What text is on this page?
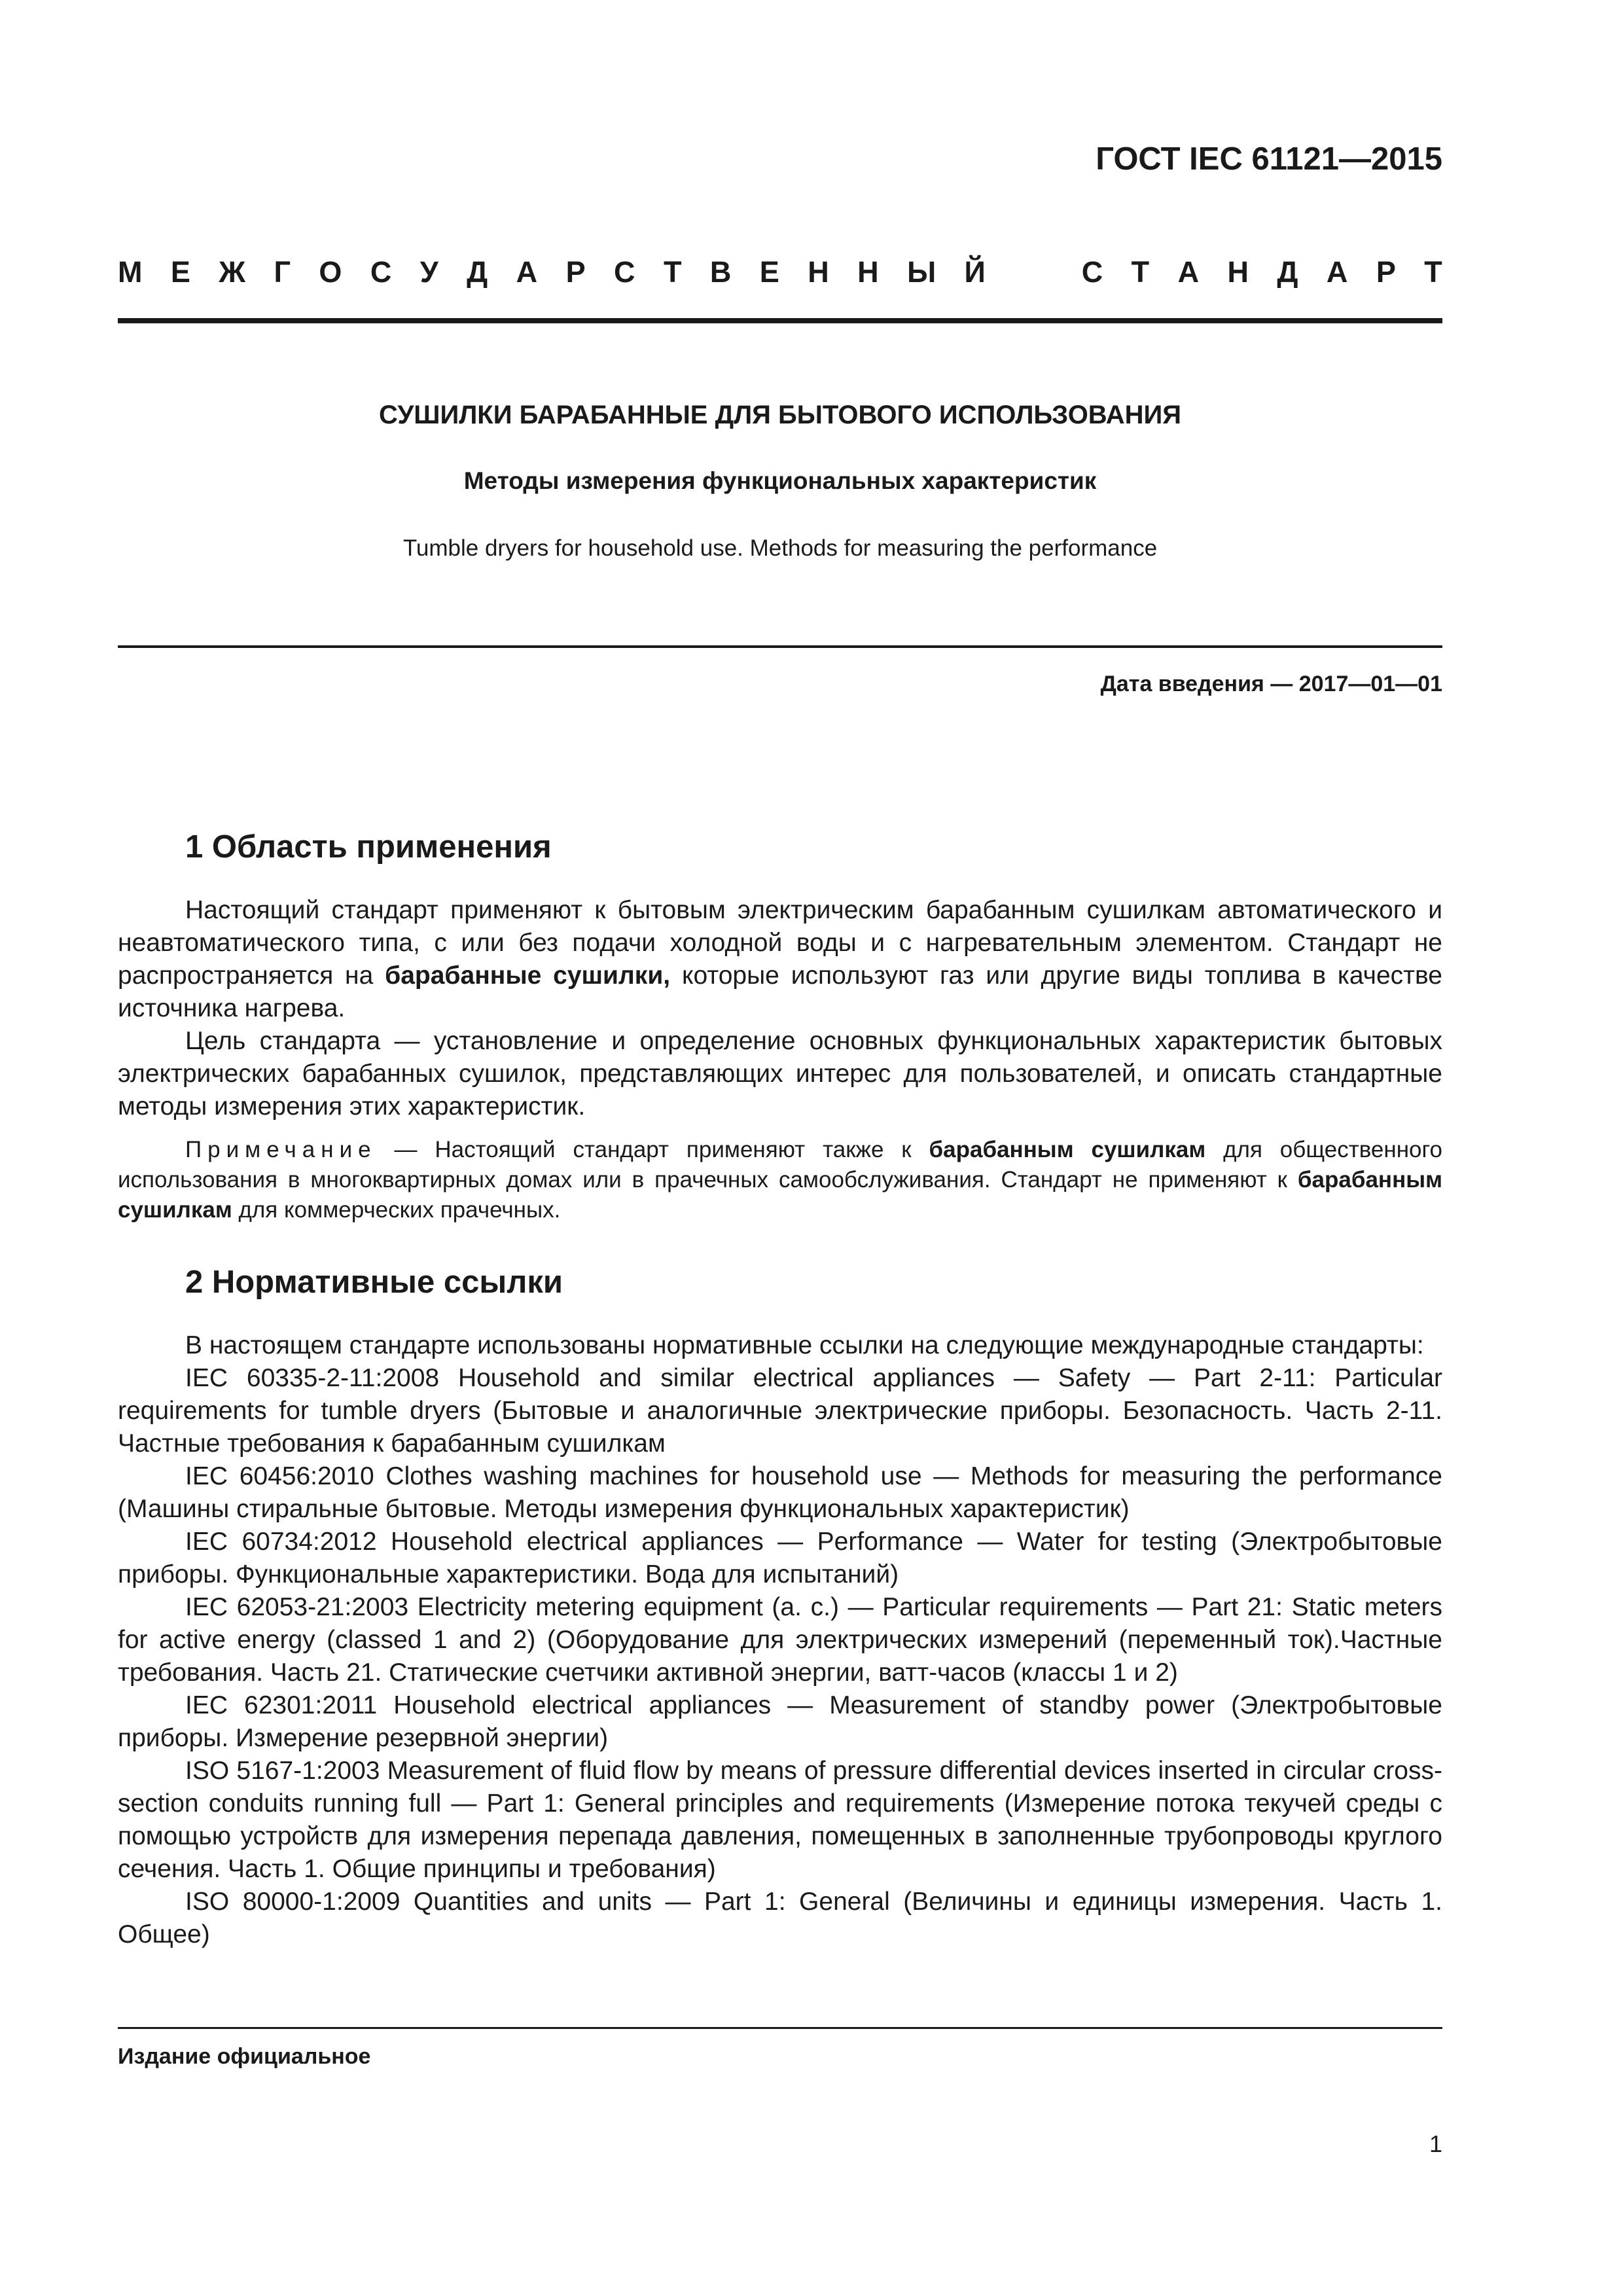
ГОСТ IEC 61121—2015
М Е Ж Г О С У Д А Р С Т В Е Н Н Ы Й	С Т А Н Д А Р Т
СУШИЛКИ БАРАБАННЫЕ ДЛЯ БЫТОВОГО ИСПОЛЬЗОВАНИЯ
Методы измерения функциональных характеристик
Tumble dryers for household use. Methods for measuring the performance
Дата введения — 2017—01—01
1 Область применения

Настоящий стандарт применяют к бытовым электрическим барабанным сушилкам автоматического и неавтоматического типа, с или без подачи холодной воды и с нагревательным элементом. Стандарт не распространяется на барабанные сушилки, которые используют газ или другие виды топлива в качестве источника нагрева.

Цель стандарта — установление и определение основных функциональных характеристик бытовых электрических барабанных сушилок, представляющих интерес для пользователей, и описать стандартные методы измерения этих характеристик.

Примечание — Настоящий стандарт применяют также к барабанным сушилкам для общественного использования в многоквартирных домах или в прачечных самообслуживания. Стандарт не применяют к барабанным сушилкам для коммерческих прачечных.

2 Нормативные ссылки

В настоящем стандарте использованы нормативные ссылки на следующие международные стандарты:

IEC 60335-2-11:2008 Household and similar electrical appliances — Safety — Part 2-11: Particular requirements for tumble dryers (Бытовые и аналогичные электрические приборы. Безопасность. Часть 2-11. Частные требования к барабанным сушилкам

IEC 60456:2010 Clothes washing machines for household use — Methods for measuring the performance (Машины стиральные бытовые. Методы измерения функциональных характеристик)

IEC 60734:2012 Household electrical appliances — Performance — Water for testing (Электробытовые приборы. Функциональные характеристики. Вода для испытаний)

IEC 62053-21:2003 Electricity metering equipment (a. c.) — Particular requirements — Part 21: Static meters for active energy (classed 1 and 2) (Оборудование для электрических измерений (переменный ток).Частные требования. Часть 21. Статические счетчики активной энергии, ватт-часов (классы 1 и 2)

IEC 62301:2011 Household electrical appliances — Measurement of standby power (Электробытовые приборы. Измерение резервной энергии)

ISO 5167-1:2003 Measurement of fluid flow by means of pressure differential devices inserted in circular cross-section conduits running full — Part 1: General principles and requirements (Измерение потока текучей среды с помощью устройств для измерения перепада давления, помещенных в заполненные трубопроводы круглого сечения. Часть 1. Общие принципы и требования)

ISO 80000-1:2009 Quantities and units — Part 1: General (Величины и единицы измерения. Часть 1. Общее)

Издание официальное
1
